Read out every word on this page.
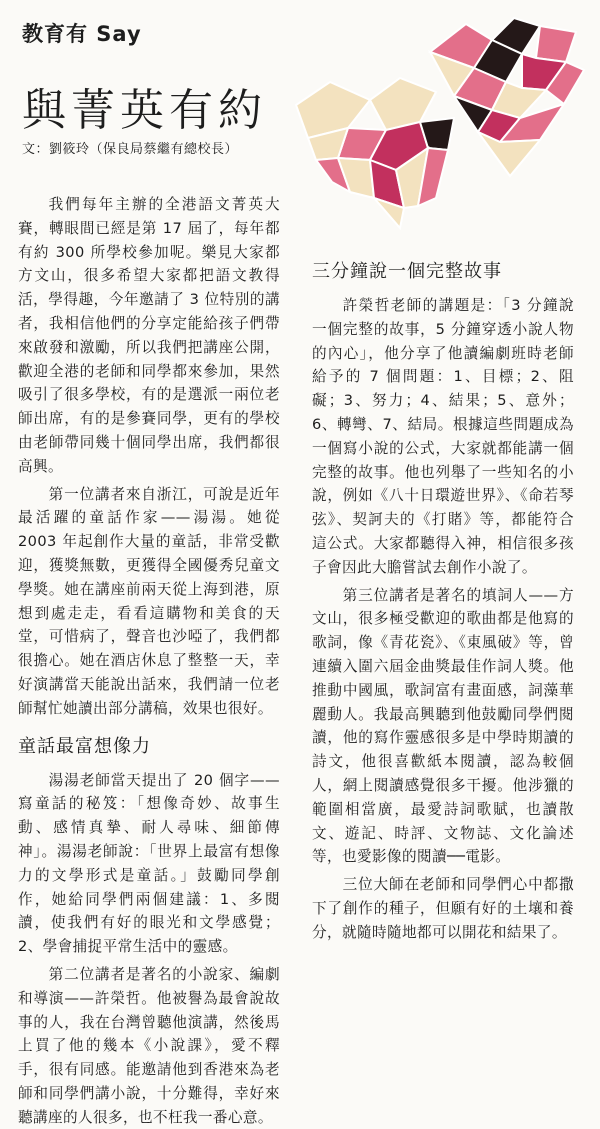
教育有 Say
與菁英有約
文：劉筱玲（保良局蔡繼有總校長）

我們每年主辦的全港語文菁英大賽，轉眼間已經是第 17 屆了，每年都有約 300 所學校參加呢。樂見大家都方文山，很多希望大家都把語文教得活，學得趣，今年邀請了 3 位特別的講者，我相信他們的分享定能給孩子們帶來啟發和激勵，所以我們把講座公開，歡迎全港的老師和同學都來參加，果然吸引了很多學校，有的是選派一兩位老師出席，有的是參賽同學，更有的學校由老師帶同幾十個同學出席，我們都很高興。

第一位講者來自浙江，可說是近年最活躍的童話作家——湯湯。她從 2003 年起創作大量的童話，非常受歡迎，獲獎無數，更獲得全國優秀兒童文學獎。她在講座前兩天從上海到港，原想到處走走，看看這購物和美食的天堂，可惜病了，聲音也沙啞了，我們都很擔心。她在酒店休息了整整一天，幸好演講當天能說出話來，我們請一位老師幫忙她讀出部分講稿，效果也很好。

童話最富想像力

湯湯老師當天提出了 20 個字——寫童話的秘笈：「想像奇妙、故事生動、感情真摯、耐人尋味、細節傳神」。湯湯老師說：「世界上最富有想像力的文學形式是童話。」鼓勵同學創作，她給同學們兩個建議：1、多閱讀，使我們有好的眼光和文學感覺；2、學會捕捉平常生活中的靈感。

第二位講者是著名的小說家、編劇和導演——許榮哲。他被譽為最會說故事的人，我在台灣曾聽他演講，然後馬上買了他的幾本《小說課》，愛不釋手，很有同感。能邀請他到香港來為老師和同學們講小說，十分難得，幸好來聽講座的人很多，也不枉我一番心意。

三分鐘說一個完整故事

許榮哲老師的講題是：「3 分鐘說一個完整的故事，5 分鐘穿透小說人物的內心」，他分享了他讀編劇班時老師給予的 7 個問題：1、目標；2、阻礙；3、努力；4、結果；5、意外；6、轉彎、7、結局。根據這些問題成為一個寫小說的公式，大家就都能講一個完整的故事。他也列舉了一些知名的小說，例如《八十日環遊世界》、《命若琴弦》、契訶夫的《打賭》等，都能符合這公式。大家都聽得入神，相信很多孩子會因此大膽嘗試去創作小說了。

第三位講者是著名的填詞人——方文山，很多極受歡迎的歌曲都是他寫的歌詞，像《青花瓷》、《東風破》等，曾連續入圍六屆金曲獎最佳作詞人獎。他推動中國風，歌詞富有畫面感，詞藻華麗動人。我最高興聽到他鼓勵同學們閱讀，他的寫作靈感很多是中學時期讀的詩文，他很喜歡紙本閱讀，認為較個人，網上閱讀感覺很多干擾。他涉獵的範圍相當廣，最愛詩詞歌賦，也讀散文、遊記、時評、文物誌、文化論述等，也愛影像的閱讀──電影。

三位大師在老師和同學們心中都撒下了創作的種子，但願有好的土壤和養分，就隨時隨地都可以開花和結果了。
